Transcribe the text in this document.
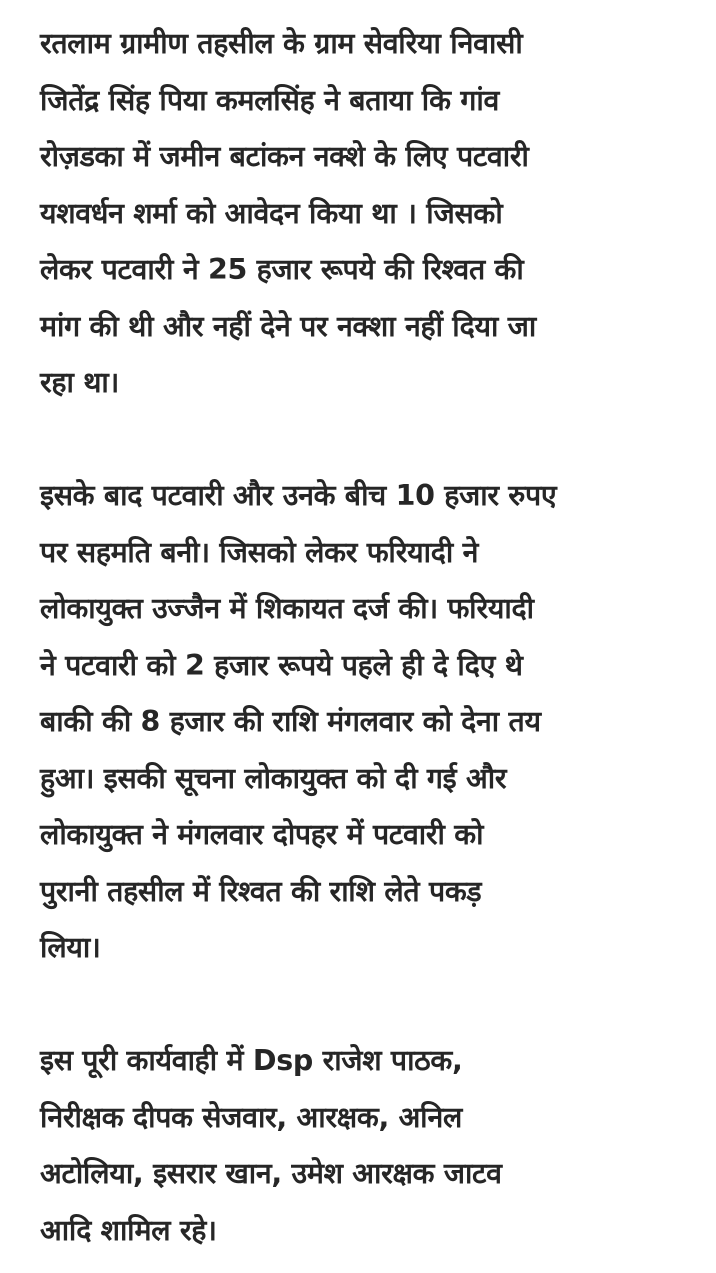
रतलाम ग्रामीण तहसील के ग्राम सेवरिया निवासी
जितेंद्र सिंह पिया कमलसिंह ने बताया कि गांव
रोज़डका में जमीन बटांकन नक्शे के लिए पटवारी
यशवर्धन शर्मा को आवेदन किया था । जिसको
लेकर पटवारी ने 25 हजार रूपये की रिश्वत की
मांग की थी और नहीं देने पर नक्शा नहीं दिया जा
रहा था।

इसके बाद पटवारी और उनके बीच 10 हजार रुपए
पर सहमति बनी। जिसको लेकर फरियादी ने
लोकायुक्त उज्जैन में शिकायत दर्ज की। फरियादी
ने पटवारी को 2 हजार रूपये पहले ही दे दिए थे
बाकी की 8 हजार की राशि मंगलवार को देना तय
हुआ। इसकी सूचना लोकायुक्त को दी गई और
लोकायुक्त ने मंगलवार दोपहर में पटवारी को
पुरानी तहसील में रिश्वत की राशि लेते पकड़
लिया।

इस पूरी कार्यवाही में Dsp राजेश पाठक,
निरीक्षक दीपक सेजवार, आरक्षक, अनिल
अटोलिया, इसरार खान, उमेश आरक्षक जाटव
आदि शामिल रहे।
